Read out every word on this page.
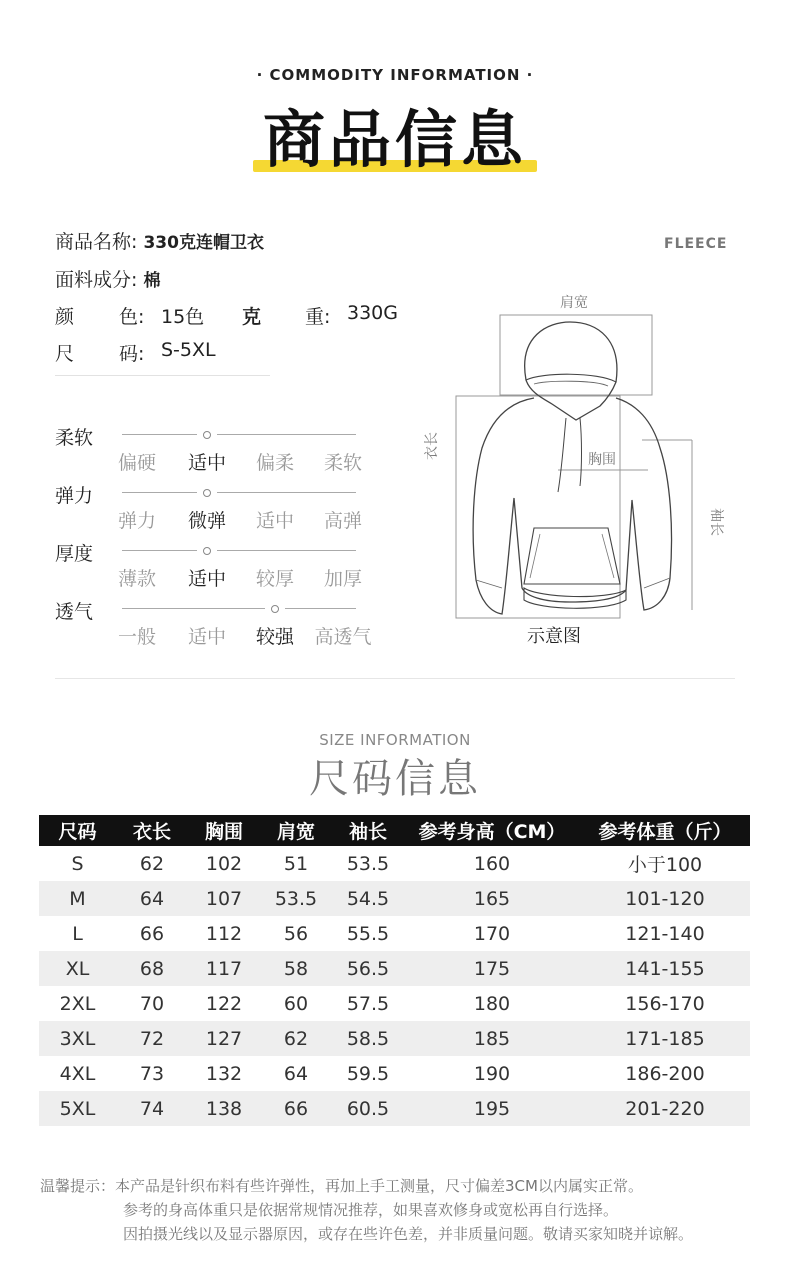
· COMMODITY INFORMATION ·
商品信息
商品名称: 330克连帽卫衣
面料成分: 棉
颜 色: 15色 克 重: 330G
尺 码: S-5XL
FLEECE
柔软
偏硬	适中	偏柔	柔软
弹力
弹力	微弹	适中	高弹
厚度
薄款	适中	较厚	加厚
透气
一般	适中	较强	高透气
肩宽
胸围
衣长
袖长
示意图
SIZE INFORMATION
尺码信息
尺码	衣长	胸围	肩宽	袖长	参考身高（CM）	参考体重（斤）
S	62	102	51	53.5	160	小于100
M	64	107	53.5	54.5	165	101-120
L	66	112	56	55.5	170	121-140
XL	68	117	58	56.5	175	141-155
2XL	70	122	60	57.5	180	156-170
3XL	72	127	62	58.5	185	171-185
4XL	73	132	64	59.5	190	186-200
5XL	74	138	66	60.5	195	201-220
温馨提示：本产品是针织布料有些许弹性，再加上手工测量，尺寸偏差3CM以内属实正常。
参考的身高体重只是依据常规情况推荐，如果喜欢修身或宽松再自行选择。
因拍摄光线以及显示器原因，或存在些许色差，并非质量问题。敬请买家知晓并谅解。
